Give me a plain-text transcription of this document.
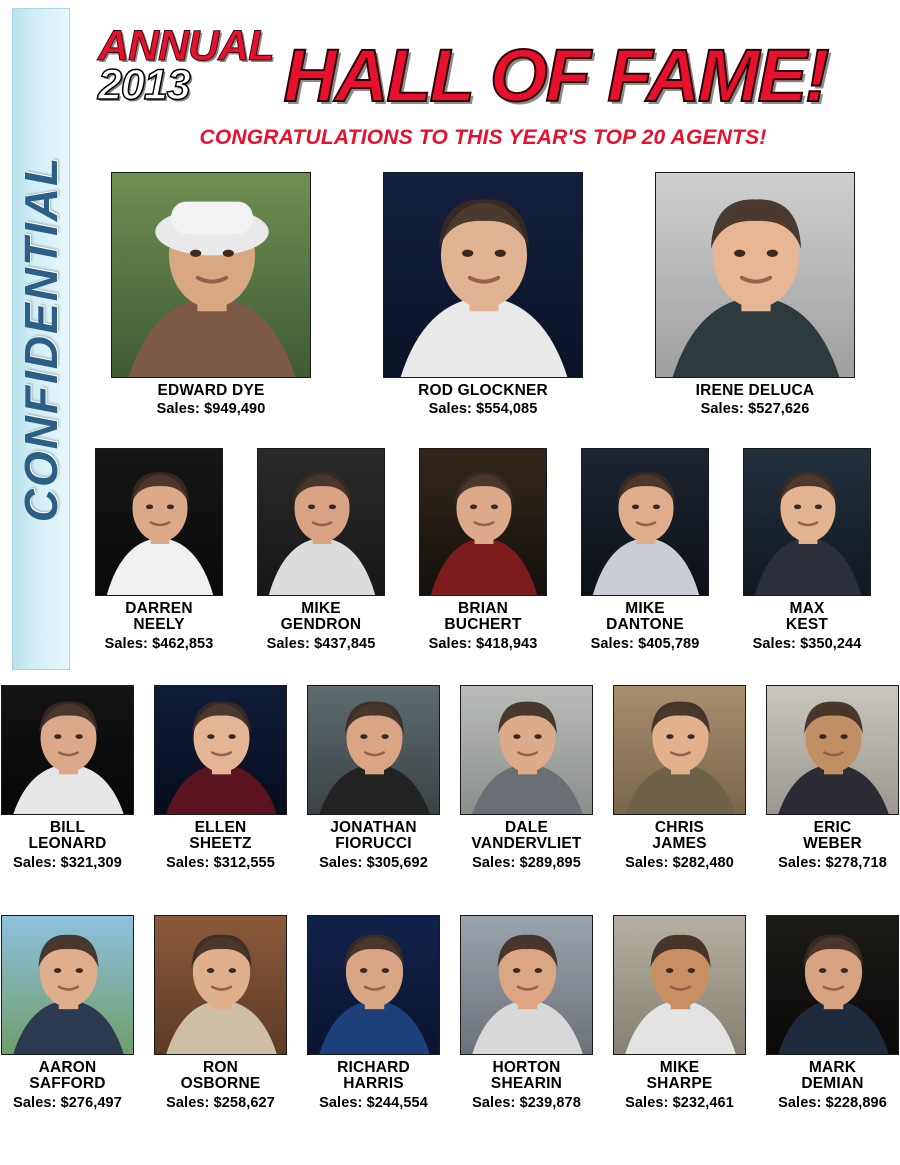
CONFIDENTIAL
ANNUAL
2013 HALL OF FAME!
CONGRATULATIONS TO THIS YEAR'S TOP 20 AGENTS!
EDWARD DYE
Sales: $949,490
ROD GLOCKNER
Sales: $554,085
IRENE DELUCA
Sales: $527,626
DARREN
NEELY
Sales: $462,853
MIKE
GENDRON
Sales: $437,845
BRIAN
BUCHERT
Sales: $418,943
MIKE
DANTONE
Sales: $405,789
MAX
KEST
Sales: $350,244
BILL
LEONARD
Sales: $321,309
ELLEN
SHEETZ
Sales: $312,555
JONATHAN
FIORUCCI
Sales: $305,692
DALE
VANDERVLIET
Sales: $289,895
CHRIS
JAMES
Sales: $282,480
ERIC
WEBER
Sales: $278,718
AARON
SAFFORD
Sales: $276,497
RON
OSBORNE
Sales: $258,627
RICHARD
HARRIS
Sales: $244,554
HORTON
SHEARIN
Sales: $239,878
MIKE
SHARPE
Sales: $232,461
MARK
DEMIAN
Sales: $228,896
